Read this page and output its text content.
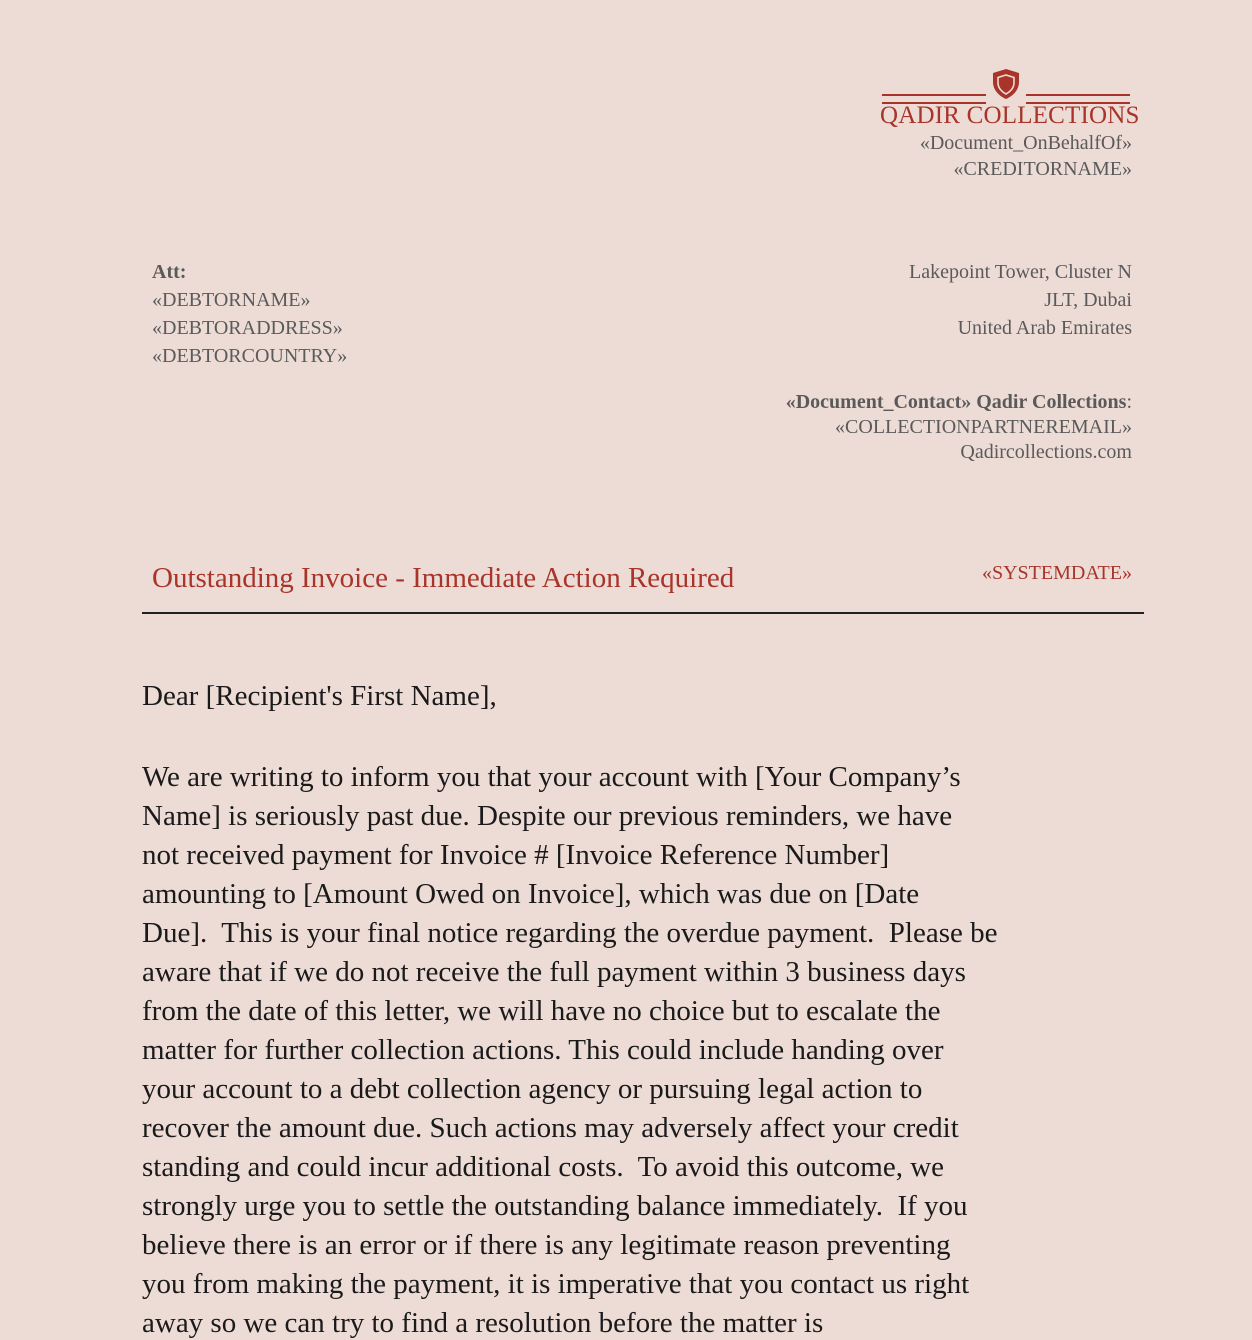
QADIR COLLECTIONS
«Document_OnBehalfOf»
«CREDITORNAME»
Att:
«DEBTORNAME»
«DEBTORADDRESS»
«DEBTORCOUNTRY»
Lakepoint Tower, Cluster N
JLT, Dubai
United Arab Emirates
«Document_Contact» Qadir Collections:
«COLLECTIONPARTNEREMAIL»
Qadircollections.com
Outstanding Invoice - Immediate Action Required	«SYSTEMDATE»
Dear [Recipient's First Name],

We are writing to inform you that your account with [Your Company’s
Name] is seriously past due. Despite our previous reminders, we have
not received payment for Invoice # [Invoice Reference Number]
amounting to [Amount Owed on Invoice], which was due on [Date
Due].  This is your final notice regarding the overdue payment.  Please be
aware that if we do not receive the full payment within 3 business days
from the date of this letter, we will have no choice but to escalate the
matter for further collection actions. This could include handing over
your account to a debt collection agency or pursuing legal action to
recover the amount due. Such actions may adversely affect your credit
standing and could incur additional costs.  To avoid this outcome, we
strongly urge you to settle the outstanding balance immediately.  If you
believe there is an error or if there is any legitimate reason preventing
you from making the payment, it is imperative that you contact us right
away so we can try to find a resolution before the matter is
